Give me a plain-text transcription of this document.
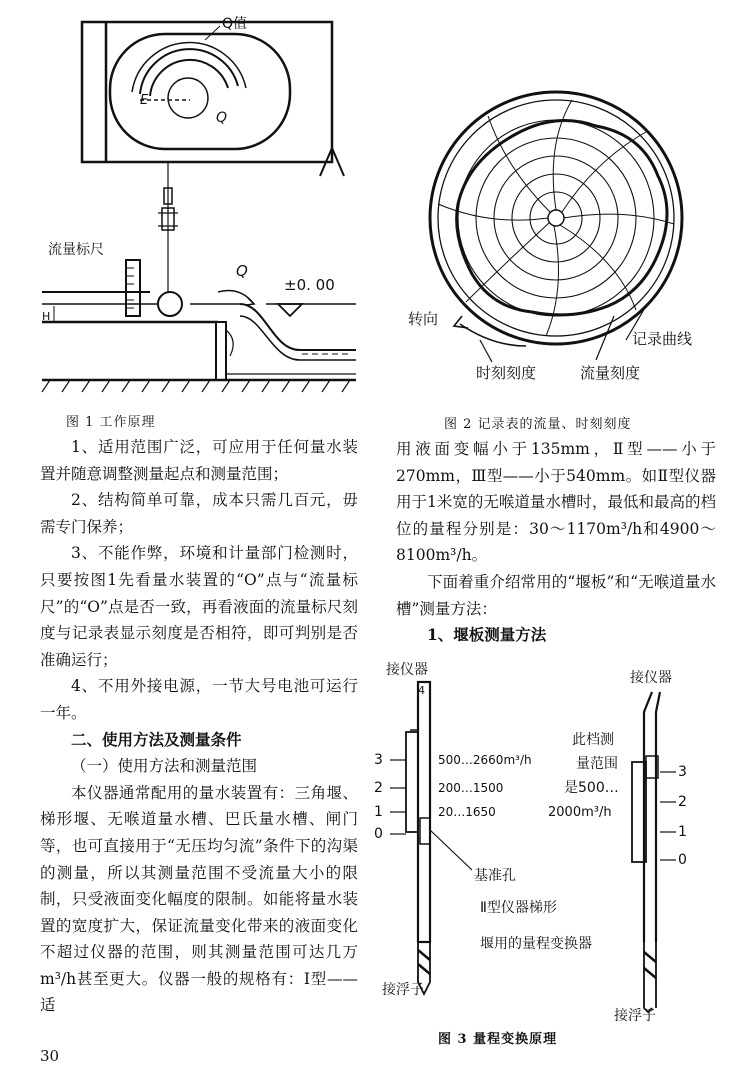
Q值
E
Q
流量标尺
H
Q
±0. 00
图 1 工作原理
转向
记录曲线
时刻刻度	流量刻度
图 2 记录表的流量、时刻刻度

1、适用范围广泛，可应用于任何量水装置并随意调整测量起点和测量范围；

2、结构简单可靠，成本只需几百元，毋需专门保养；

3、不能作弊，环境和计量部门检测时，只要按图1先看量水装置的“O”点与“流量标尺”的“O”点是否一致，再看液面的流量标尺刻度与记录表显示刻度是否相符，即可判别是否准确运行；

4、不用外接电源，一节大号电池可运行一年。

二、使用方法及测量条件

（一）使用方法和测量范围

本仪器通常配用的量水装置有：三角堰、梯形堰、无喉道量水槽、巴氏量水槽、闸门等，也可直接用于“无压均匀流”条件下的沟渠的测量，所以其测量范围不受流量大小的限制，只受液面变化幅度的限制。如能将量水装置的宽度扩大，保证流量变化带来的液面变化不超过仪器的范围，则其测量范围可达几万m³/h甚至更大。仪器一般的规格有：Ⅰ型——适

用液面变幅小于135mm，Ⅱ型——小于270mm，Ⅲ型——小于540mm。如Ⅱ型仪器用于1米宽的无喉道量水槽时，最低和最高的档位的量程分别是：30～1170m³/h和4900～8100m³/h。

下面着重介绍常用的“堰板”和“无喉道量水槽”测量方法：

1、堰板测量方法

接仪器	接仪器
4
3
2
1
0
500…2660m³/h
200…1500
20…1650
基准孔
Ⅱ型仪器梯形
堰用的量程变换器
接浮子
3
2
1
0
此档测
量范围
是500…
2000m³/h
接浮子
图 3 量程变换原理
30
